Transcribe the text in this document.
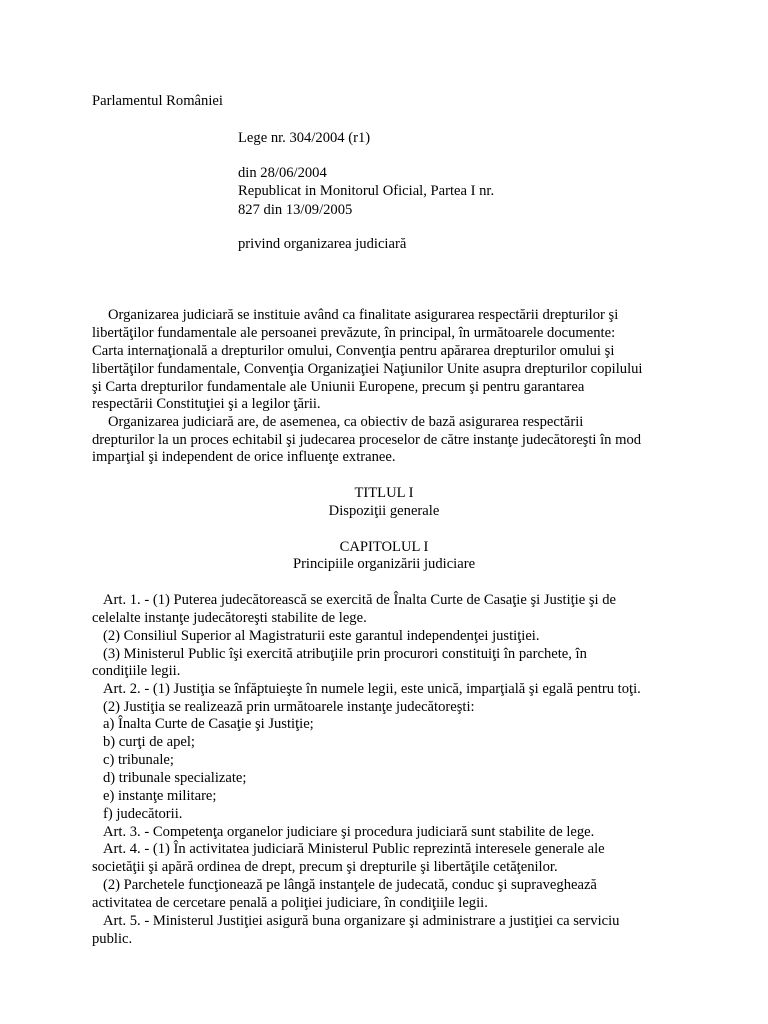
Parlamentul României
Lege nr. 304/2004 (r1)
din 28/06/2004
Republicat in Monitorul Oficial, Partea I nr.
827 din 13/09/2005
privind organizarea judiciară
Organizarea judiciară se instituie având ca finalitate asigurarea respectării drepturilor şi
libertăţilor fundamentale ale persoanei prevăzute, în principal, în următoarele documente:
Carta internaţională a drepturilor omului, Convenţia pentru apărarea drepturilor omului şi
libertăţilor fundamentale, Convenţia Organizaţiei Naţiunilor Unite asupra drepturilor copilului
şi Carta drepturilor fundamentale ale Uniunii Europene, precum şi pentru garantarea
respectării Constituţiei şi a legilor ţării.
Organizarea judiciară are, de asemenea, ca obiectiv de bază asigurarea respectării
drepturilor la un proces echitabil şi judecarea proceselor de către instanţe judecătoreşti în mod
imparţial şi independent de orice influenţe extranee.
TITLUL I
Dispoziţii generale
CAPITOLUL I
Principiile organizării judiciare
Art. 1. - (1) Puterea judecătorească se exercită de Înalta Curte de Casaţie şi Justiţie şi de
celelalte instanţe judecătoreşti stabilite de lege.
(2) Consiliul Superior al Magistraturii este garantul independenţei justiţiei.
(3) Ministerul Public îşi exercită atribuţiile prin procurori constituiţi în parchete, în
condiţiile legii.
Art. 2. - (1) Justiţia se înfăptuieşte în numele legii, este unică, imparţială şi egală pentru toţi.
(2) Justiţia se realizează prin următoarele instanţe judecătoreşti:
a) Înalta Curte de Casaţie şi Justiţie;
b) curţi de apel;
c) tribunale;
d) tribunale specializate;
e) instanţe militare;
f) judecătorii.
Art. 3. - Competenţa organelor judiciare şi procedura judiciară sunt stabilite de lege.
Art. 4. - (1) În activitatea judiciară Ministerul Public reprezintă interesele generale ale
societăţii şi apără ordinea de drept, precum şi drepturile şi libertăţile cetăţenilor.
(2) Parchetele funcţionează pe lângă instanţele de judecată, conduc şi supraveghează
activitatea de cercetare penală a poliţiei judiciare, în condiţiile legii.
Art. 5. - Ministerul Justiţiei asigură buna organizare şi administrare a justiţiei ca serviciu
public.
